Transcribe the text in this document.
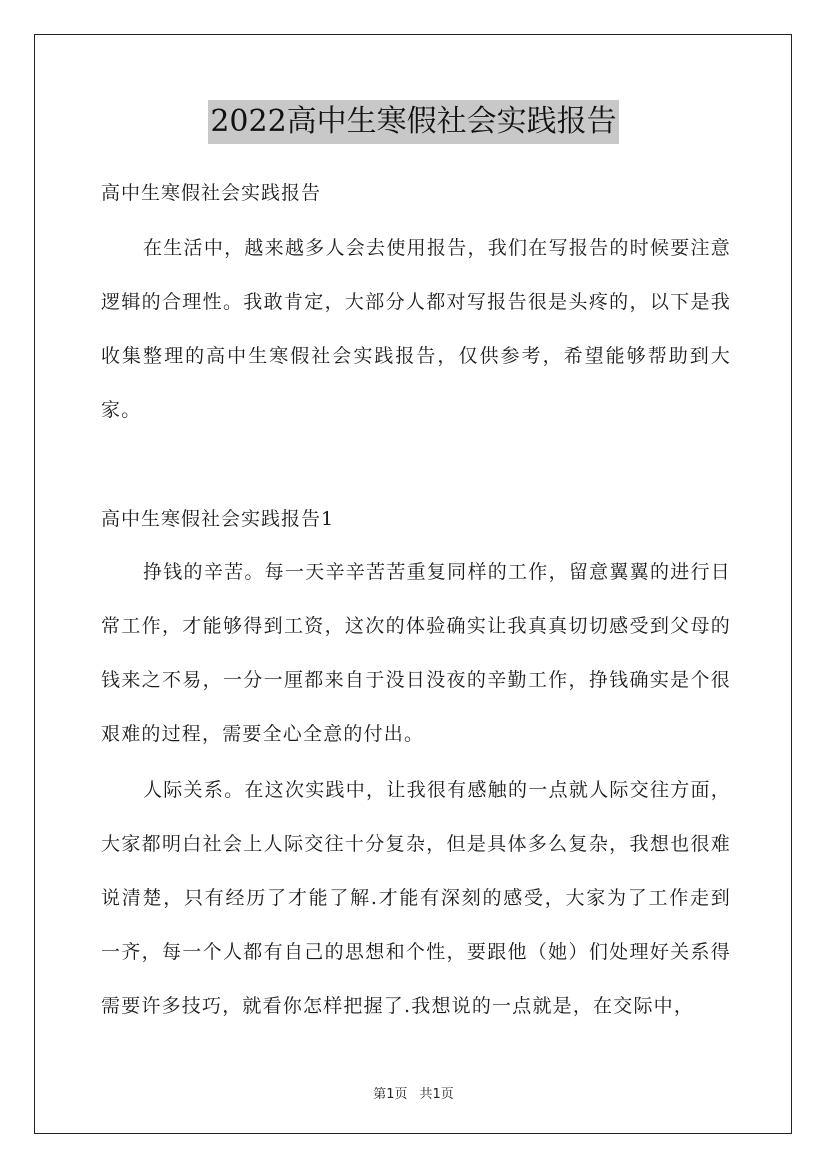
2022高中生寒假社会实践报告
高中生寒假社会实践报告

在生活中，越来越多人会去使用报告，我们在写报告的时候要注意逻辑的合理性。我敢肯定，大部分人都对写报告很是头疼的，以下是我收集整理的高中生寒假社会实践报告，仅供参考，希望能够帮助到大家。

高中生寒假社会实践报告1

挣钱的辛苦。每一天辛辛苦苦重复同样的工作，留意翼翼的进行日常工作，才能够得到工资，这次的体验确实让我真真切切感受到父母的钱来之不易，一分一厘都来自于没日没夜的辛勤工作，挣钱确实是个很艰难的过程，需要全心全意的付出。

人际关系。在这次实践中，让我很有感触的一点就人际交往方面，大家都明白社会上人际交往十分复杂，但是具体多么复杂，我想也很难说清楚，只有经历了才能了解.才能有深刻的感受，大家为了工作走到一齐，每一个人都有自己的思想和个性，要跟他（她）们处理好关系得需要许多技巧，就看你怎样把握了.我想说的一点就是，在交际中，

第1页 共1页
